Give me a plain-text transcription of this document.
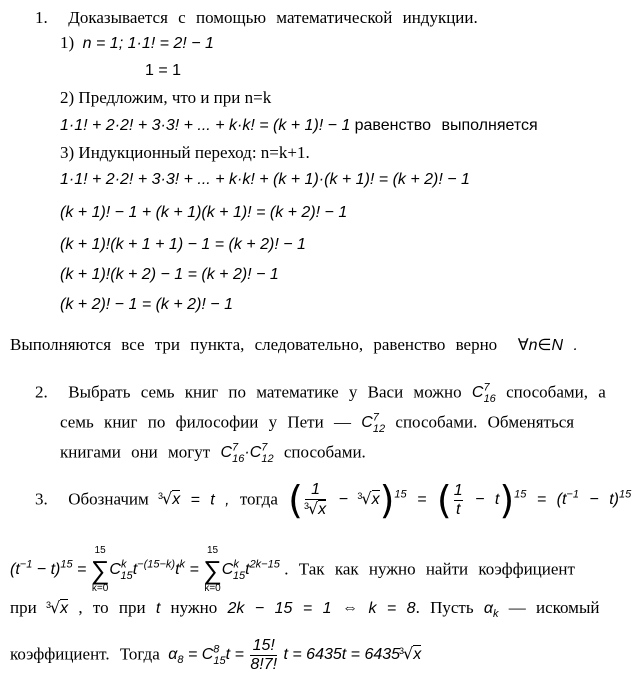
1. Доказывается с помощью математической индукции.
1) n = 1; 1·1! = 2! − 1
1 = 1
2) Предложим, что и при n=k
1·1! + 2·2! + 3·3! + ... + k·k! = (k + 1)! − 1 равенство выполняется
3) Индукционный переход: n=k+1.
1·1! + 2·2! + 3·3! + ... + k·k! + (k + 1)·(k + 1)! = (k + 2)! − 1
(k + 1)! − 1 + (k + 1)(k + 1)! = (k + 2)! − 1
(k + 1)!(k + 1 + 1) − 1 = (k + 2)! − 1
(k + 1)!(k + 2) − 1 = (k + 2)! − 1
(k + 2)! − 1 = (k + 2)! − 1
Выполняются все три пункта, следовательно, равенство верно ∀n∈N .
2. Выбрать семь книг по математике у Васи можно $C^7_{16}$ способами, а
семь книг по философии у Пети — $C^7_{12}$ способами. Обменяться
книгами они могут $C^7_{16}\cdot C^7_{12}$ способами.
3. Обозначим 3
√x = t , тогда ( 1
3
√x − 3
√x)$^{15}$ = ( $\frac{1}{t} - t)^{15} = (t^{-1} - t)^{15}$
$(t^{-1} - t)^{15}$ =
15
∑
k=0
$C^k_{15}t^{-(15-k)}t^k$ =
15
∑
k=0
$C^k_{15}t^{2k-15}$ . Так как нужно найти коэффициент
при 3
√x , то при t нужно 2k − 15 = 1 ⇔ k = 8. Пусть $\alpha_k$ — искомый
коэффициент. Тогда $\alpha_8 = C^8_{15}t = \frac{15!}{8!7!}$ t = 6435t = 6435 3
√x
